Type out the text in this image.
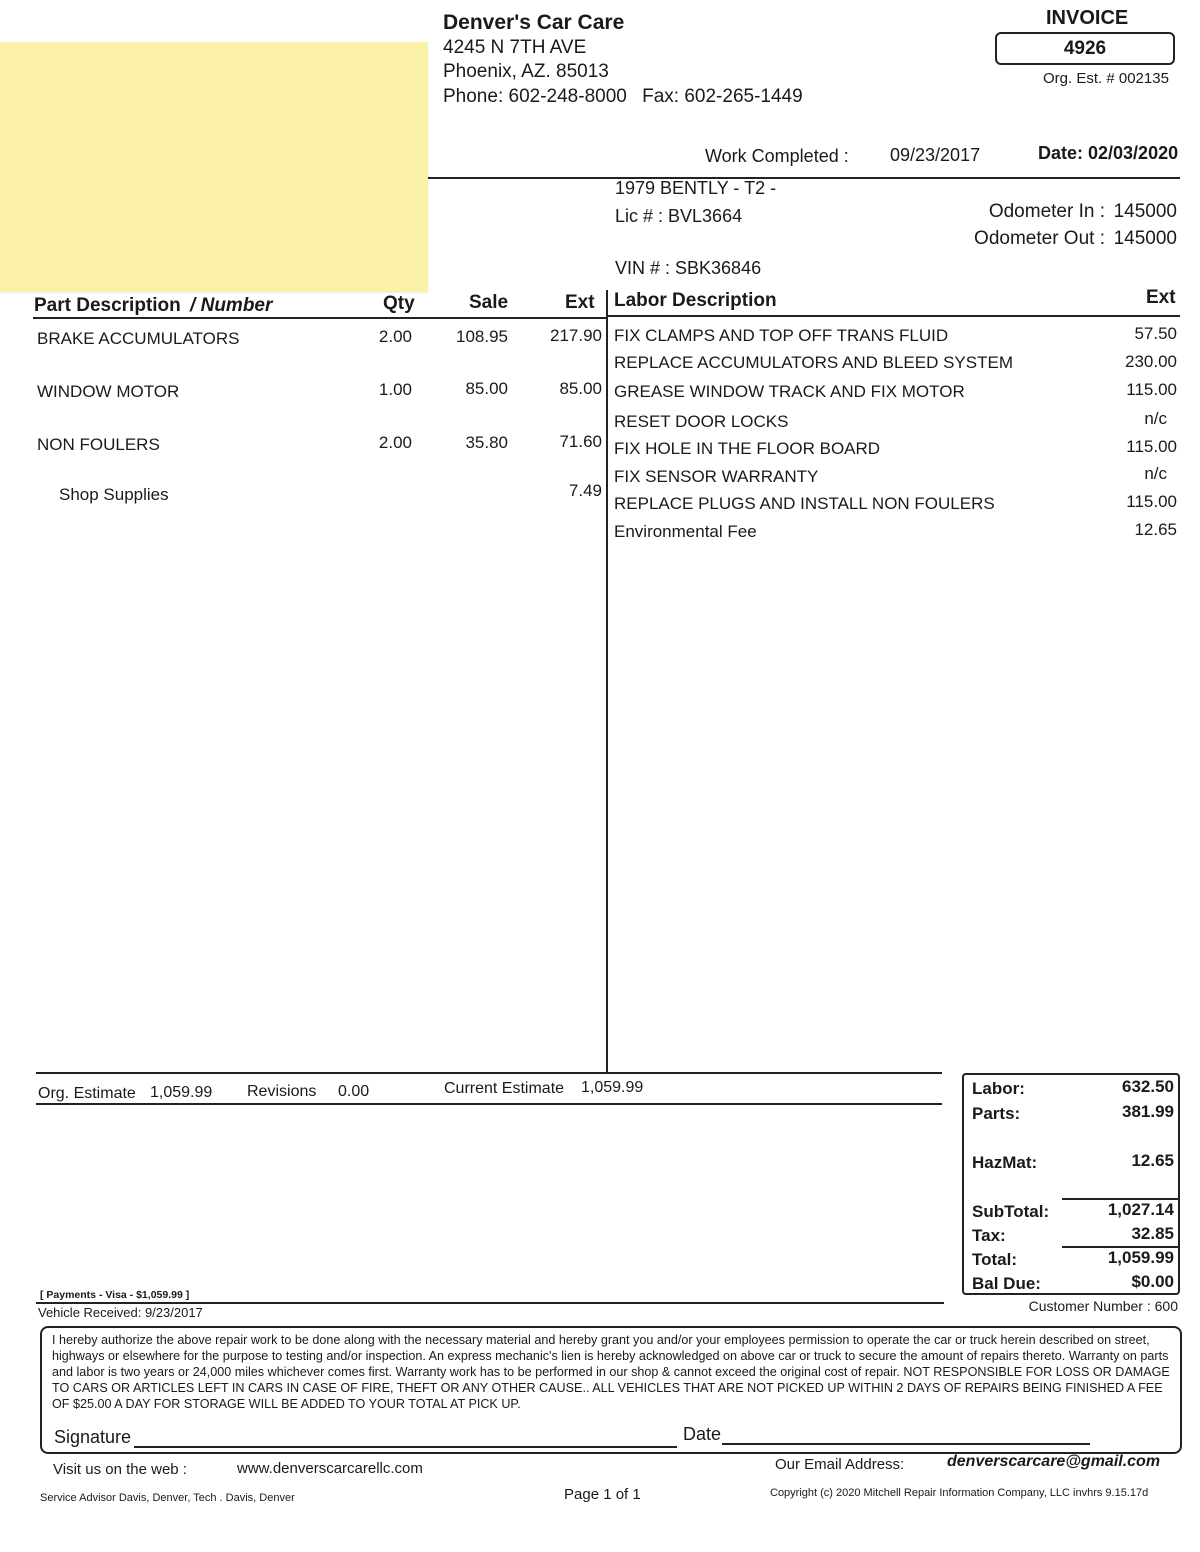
Denver's Car Care
4245 N 7TH AVE
Phoenix, AZ. 85013
Phone: 602-248-8000 Fax: 602-265-1449
INVOICE
4926
Org. Est. # 002135
Work Completed : 09/23/2017	Date: 02/03/2020
1979 BENTLY - T2 -
Lic # : BVL3664
VIN # : SBK36846
Odometer In : 145000
Odometer Out : 145000
Part Description / Number	Qty	Sale	Ext Labor Description	Ext
BRAKE ACCUMULATORS	2.00	108.95	217.90
WINDOW MOTOR	1.00	85.00	85.00
NON FOULERS	2.00	35.80	71.60
Shop Supplies	7.49
FIX CLAMPS AND TOP OFF TRANS FLUID	57.50
REPLACE ACCUMULATORS AND BLEED SYSTEM	230.00
GREASE WINDOW TRACK AND FIX MOTOR	115.00
RESET DOOR LOCKS	n/c
FIX HOLE IN THE FLOOR BOARD	115.00
FIX SENSOR WARRANTY	n/c
REPLACE PLUGS AND INSTALL NON FOULERS	115.00
Environmental Fee	12.65
Org. Estimate 1,059.99 Revisions 0.00	Current Estimate 1,059.99	Labor:	632.50
Parts:	381.99
HazMat:	12.65
SubTotal:	1,027.14
Tax:	32.85
Total:	1,059.99
Bal Due:	$0.00
[ Payments - Visa - $1,059.99 ]
Vehicle Received: 9/23/2017	Customer Number : 600
I hereby authorize the above repair work to be done along with the necessary material and hereby grant you and/or your employees permission to operate the car or truck herein described on street, highways or elsewhere for the purpose to testing and/or inspection. An express mechanic's lien is hereby acknowledged on above car or truck to secure the amount of repairs thereto. Warranty on parts and labor is two years or 24,000 miles whichever comes first. Warranty work has to be performed in our shop & cannot exceed the original cost of repair. NOT RESPONSIBLE FOR LOSS OR DAMAGE TO CARS OR ARTICLES LEFT IN CARS IN CASE OF FIRE, THEFT OR ANY OTHER CAUSE.. ALL VEHICLES THAT ARE NOT PICKED UP WITHIN 2 DAYS OF REPAIRS BEING FINISHED A FEE OF $25.00 A DAY FOR STORAGE WILL BE ADDED TO YOUR TOTAL AT PICK UP.
Signature	Date
Visit us on the web :	www.denverscarcarellc.com	Our Email Address:	denverscarcare@gmail.com
Service Advisor Davis, Denver, Tech . Davis, Denver	Page 1 of 1	Copyright (c) 2020 Mitchell Repair Information Company, LLC invhrs 9.15.17d
